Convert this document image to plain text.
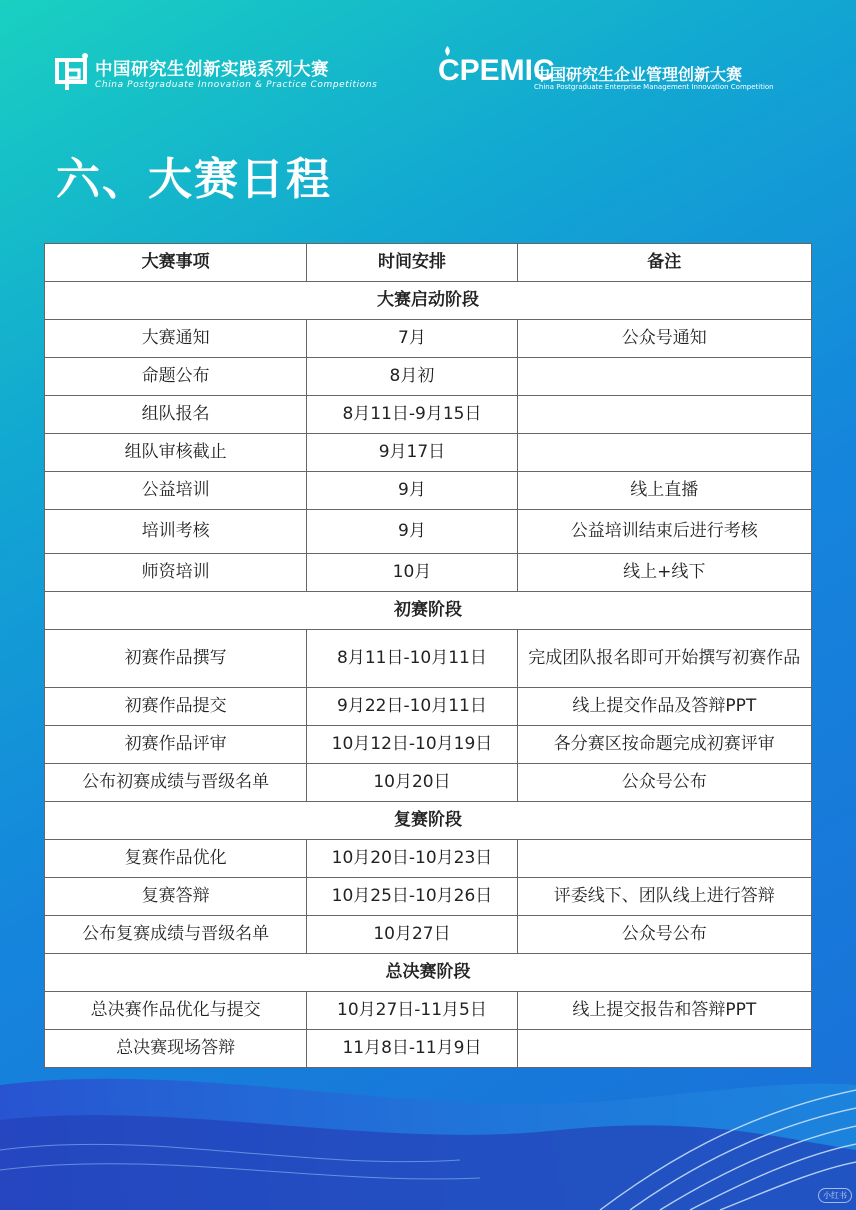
中国研究生创新实践系列大赛
China Postgraduate Innovation & Practice Competitions CPEMIC
中国研究生企业管理创新大赛
China Postgraduate Enterprise Management Innovation Competition
六、大赛日程
大赛事项	时间安排	备注
大赛启动阶段		
大赛通知	7月	公众号通知
命题公布	8月初	
组队报名	8月11日-9月15日	
组队审核截止	9月17日	
公益培训	9月	线上直播
培训考核	9月	公益培训结束后进行考核
师资培训	10月	线上+线下
初赛阶段		
初赛作品撰写	8月11日-10月11日	完成团队报名即可开始撰写初赛作品
初赛作品提交	9月22日-10月11日	线上提交作品及答辩PPT
初赛作品评审	10月12日-10月19日	各分赛区按命题完成初赛评审
公布初赛成绩与晋级名单	10月20日	公众号公布
复赛阶段		
复赛作品优化	10月20日-10月23日	
复赛答辩	10月25日-10月26日	评委线下、团队线上进行答辩
公布复赛成绩与晋级名单	10月27日	公众号公布
总决赛阶段		
总决赛作品优化与提交	10月27日-11月5日	线上提交报告和答辩PPT
总决赛现场答辩	11月8日-11月9日	
小红书
